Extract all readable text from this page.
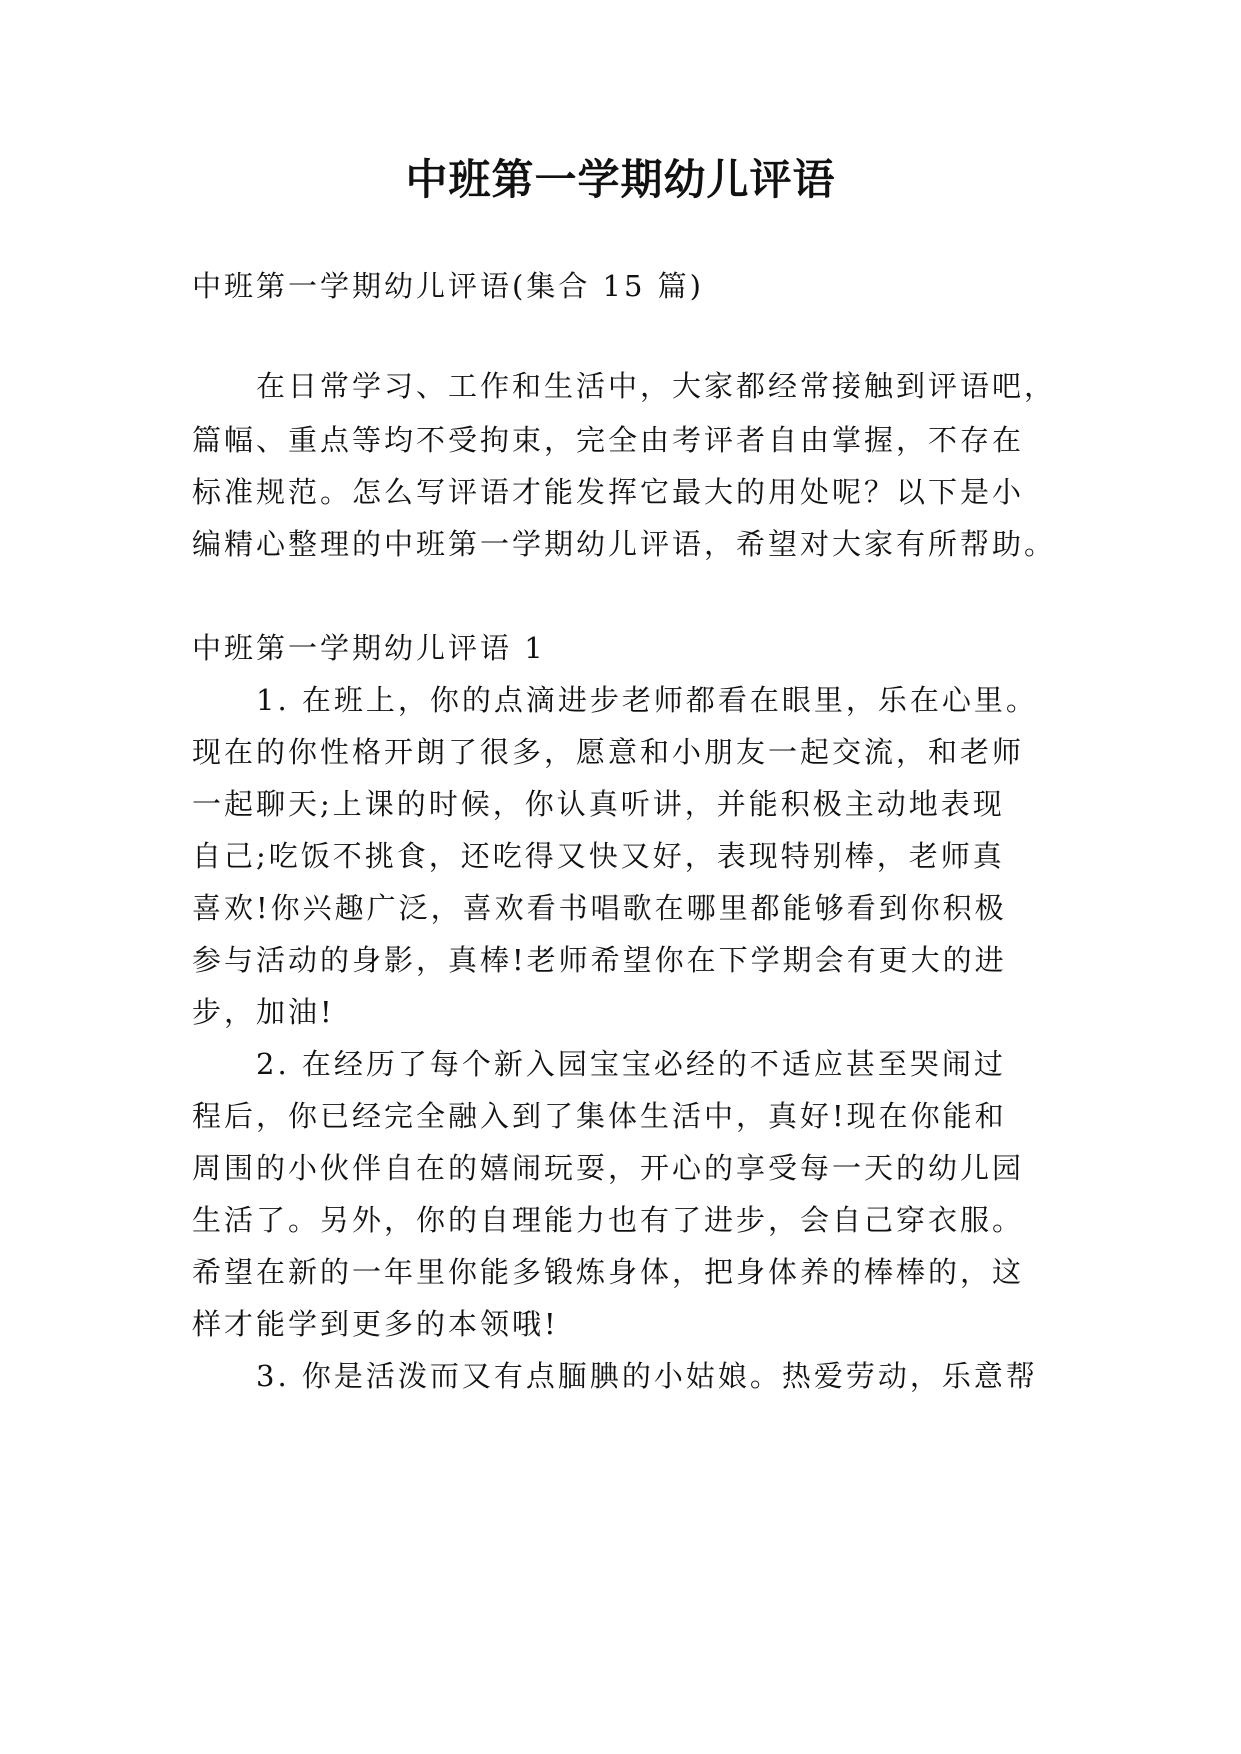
中班第一学期幼儿评语

中班第一学期幼儿评语(集合 15 篇)

　　在日常学习、工作和生活中，大家都经常接触到评语吧，

篇幅、重点等均不受拘束，完全由考评者自由掌握，不存在

标准规范。怎么写评语才能发挥它最大的用处呢？以下是小

编精心整理的中班第一学期幼儿评语，希望对大家有所帮助。

中班第一学期幼儿评语 1

　　1. 在班上，你的点滴进步老师都看在眼里，乐在心里。

现在的你性格开朗了很多，愿意和小朋友一起交流，和老师

一起聊天;上课的时候，你认真听讲，并能积极主动地表现

自己;吃饭不挑食，还吃得又快又好，表现特别棒，老师真

喜欢!你兴趣广泛，喜欢看书唱歌在哪里都能够看到你积极

参与活动的身影，真棒!老师希望你在下学期会有更大的进

步，加油!

　　2. 在经历了每个新入园宝宝必经的不适应甚至哭闹过

程后，你已经完全融入到了集体生活中，真好!现在你能和

周围的小伙伴自在的嬉闹玩耍，开心的享受每一天的幼儿园

生活了。另外，你的自理能力也有了进步，会自己穿衣服。

希望在新的一年里你能多锻炼身体，把身体养的棒棒的，这

样才能学到更多的本领哦!

　　3. 你是活泼而又有点腼腆的小姑娘。热爱劳动，乐意帮
